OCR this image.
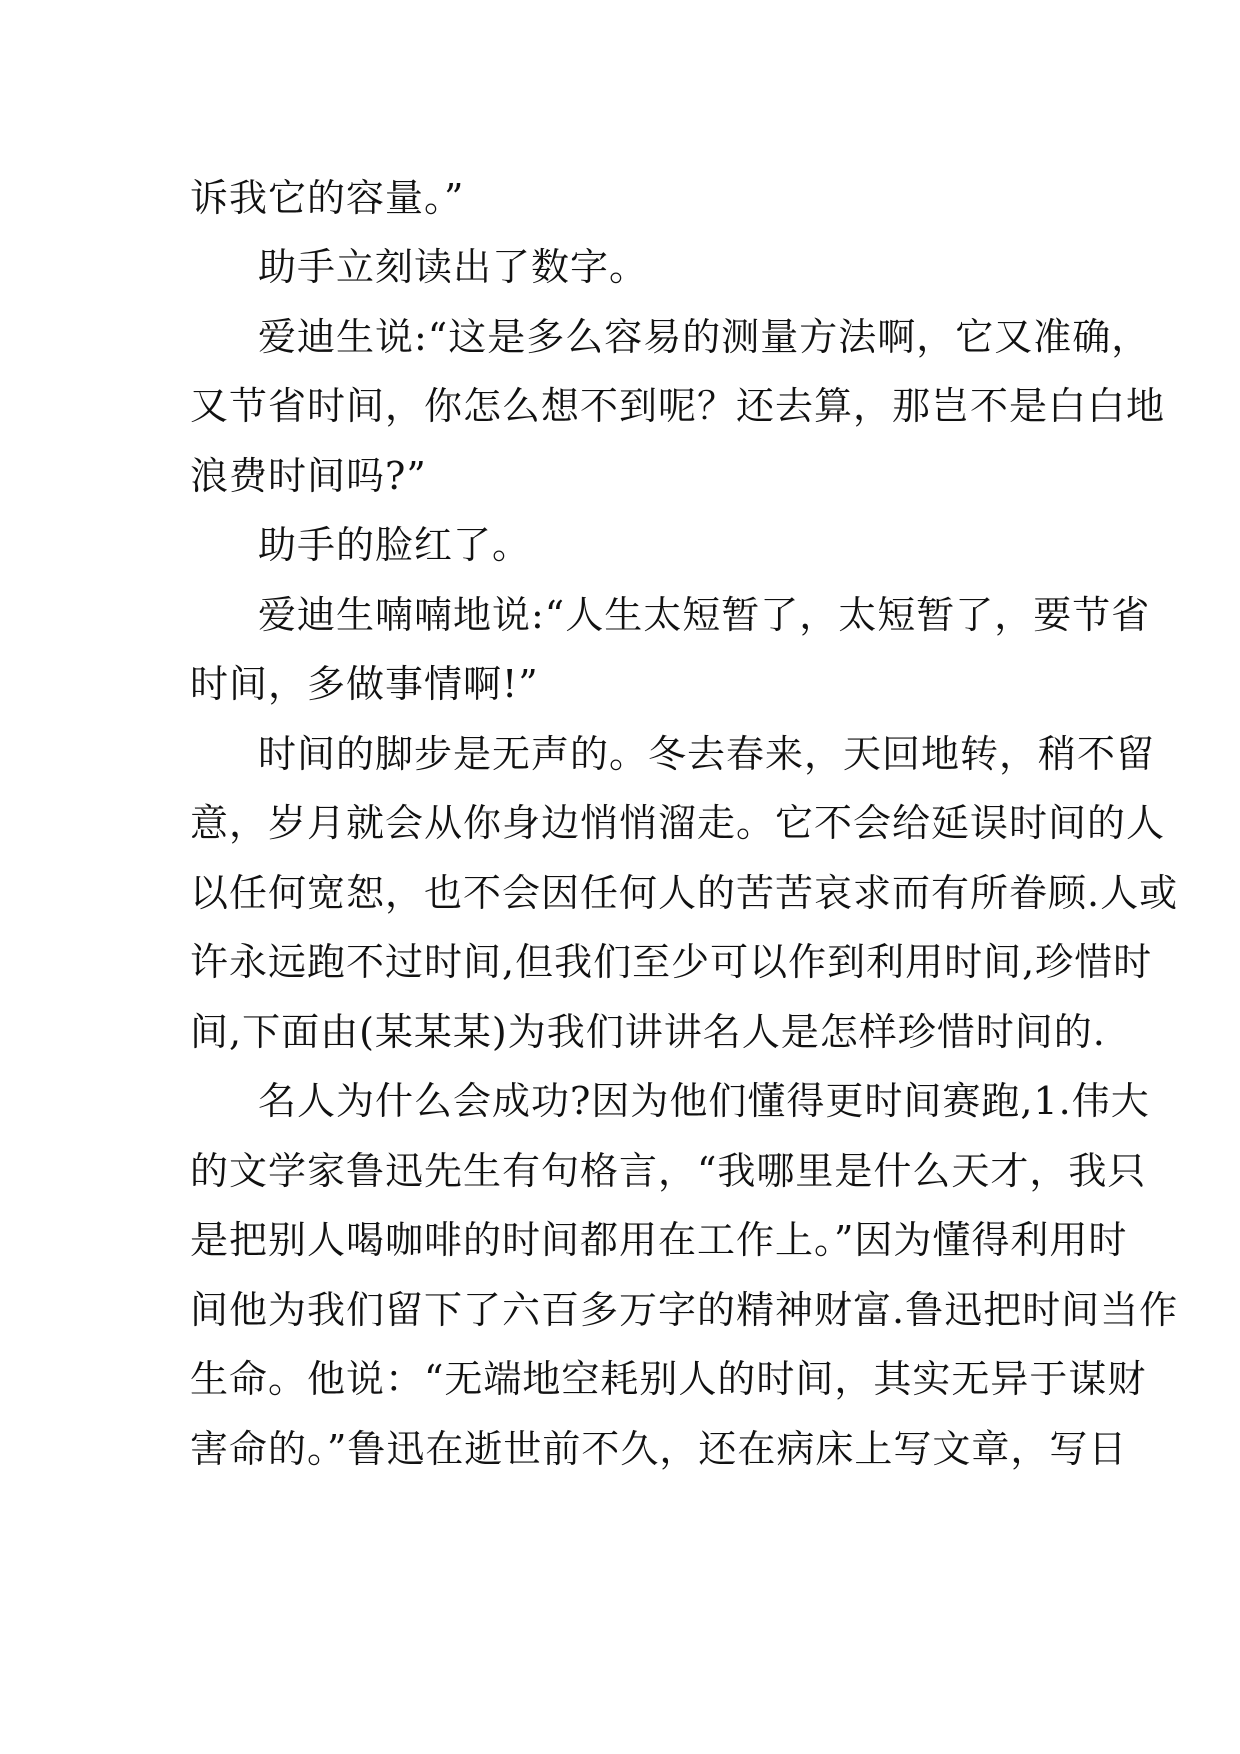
诉我它的容量。”
助手立刻读出了数字。
爱迪生说:“这是多么容易的测量方法啊，它又准确，
又节省时间，你怎么想不到呢？还去算，那岂不是白白地
浪费时间吗?”
助手的脸红了。
爱迪生喃喃地说:“人生太短暂了，太短暂了，要节省
时间，多做事情啊!”
时间的脚步是无声的。冬去春来，天回地转，稍不留
意，岁月就会从你身边悄悄溜走。它不会给延误时间的人
以任何宽恕，也不会因任何人的苦苦哀求而有所眷顾.人或
许永远跑不过时间,但我们至少可以作到利用时间,珍惜时
间,下面由(某某某)为我们讲讲名人是怎样珍惜时间的.
名人为什么会成功?因为他们懂得更时间赛跑,1.伟大
的文学家鲁迅先生有句格言，“我哪里是什么天才，我只
是把别人喝咖啡的时间都用在工作上。”因为懂得利用时
间他为我们留下了六百多万字的精神财富.鲁迅把时间当作
生命。他说：“无端地空耗别人的时间，其实无异于谋财
害命的。”鲁迅在逝世前不久，还在病床上写文章，写日
